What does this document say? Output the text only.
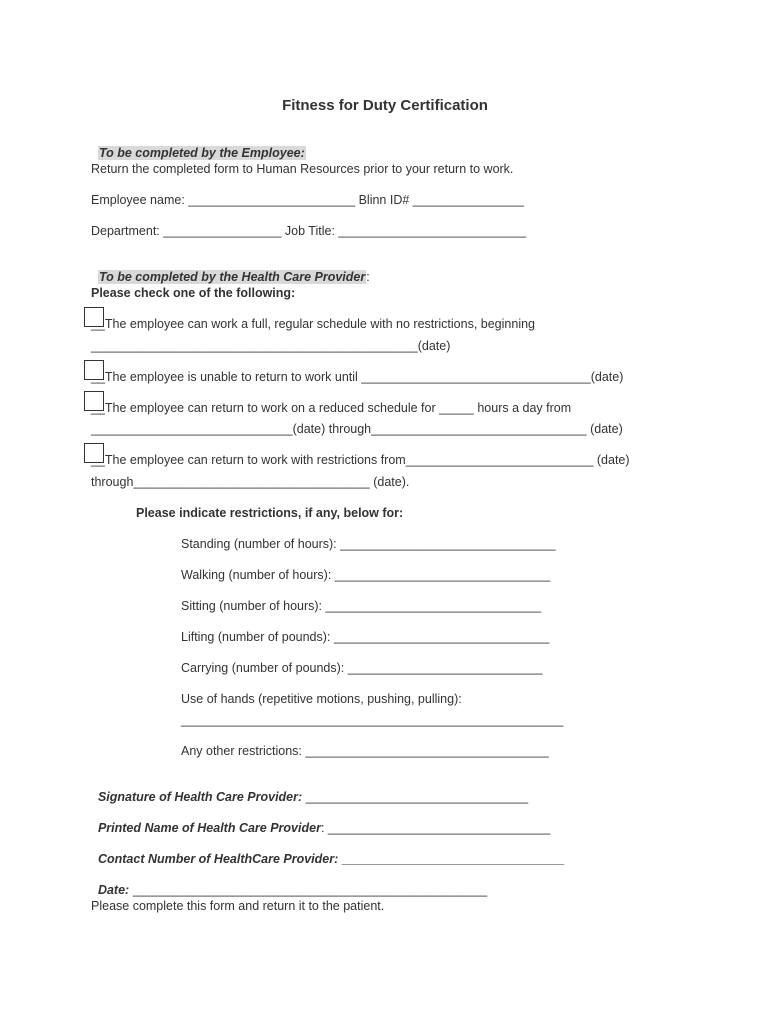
Fitness for Duty Certification

To be completed by the Employee:

Return the completed form to Human Resources prior to your return to work.
Employee name: ________________________ Blinn ID# ________________
Department: _________________ Job Title: ___________________________

To be completed by the Health Care Provider:

Please check one of the following:
__The employee can work a full, regular schedule with no restrictions, beginning
_______________________________________________(date)
__The employee is unable to return to work until _________________________________(date)
__The employee can return to work on a reduced schedule for _____ hours a day from
_____________________________(date) through_______________________________ (date)
__The employee can return to work with restrictions from___________________________ (date)
through__________________________________ (date).
Please indicate restrictions, if any, below for:
Standing (number of hours): _______________________________
Walking (number of hours): _______________________________
Sitting (number of hours): _______________________________
Lifting (number of pounds): _______________________________
Carrying (number of pounds): ____________________________
Use of hands (repetitive motions, pushing, pulling):
_______________________________________________________
Any other restrictions: ___________________________________

Signature of Health Care Provider: ________________________________

Printed Name of Health Care Provider: ________________________________

Contact Number of HealthCare Provider: ________________________________

Date: ___________________________________________________

Please complete this form and return it to the patient.
